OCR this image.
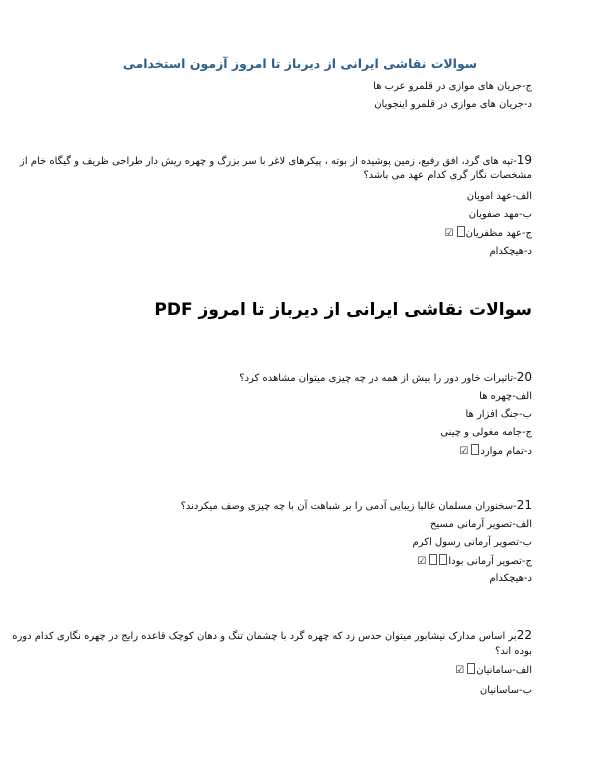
سوالات نقاشی ایرانی از دیرباز تا امروز آزمون استخدامی
ج-جریان های موازی در قلمرو عرب ها
د-جریان های موازی در قلمرو اینجویان
19-تپه های گرد، افق رفیع، زمین پوشیده از بوته ، پیکرهای لاغر با سر بزرگ و چهره ریش دار طراحی ظریف و گیگاه خام از
مشخصات نگار گری کدام عهد می باشد؟
الف-عهد امویان
ب-مهد صفویان
ج-عهد مظفریان☑
د-هیچکدام
سوالات نقاشی ایرانی از دیرباز تا امروز PDF
20-تاثیرات خاور دور را بیش از همه در چه چیزی میتوان مشاهده کرد؟
الف-چهره ها
ب-جنگ افزار ها
ج-جامه مغولی و چینی
د-تمام موارد☑
21-سخنوران مسلمان غالبا زیبایی آدمی را بر شباهت آن با چه چیزی وصف میکردند؟
الف-تصویر آرمانی مسیح
ب-تصویر آرمانی رسول اکرم
ج-تصویر آرمانی بودا☑
د-هیچکدام
22بر اساس مدارک نیشابور میتوان حدس زد که چهره گرد با چشمان تنگ و دهان کوچک قاعده رایج در چهره نگاری کدام دوره
بوده اند؟
الف-سامانیان☑
ب-ساسانیان
